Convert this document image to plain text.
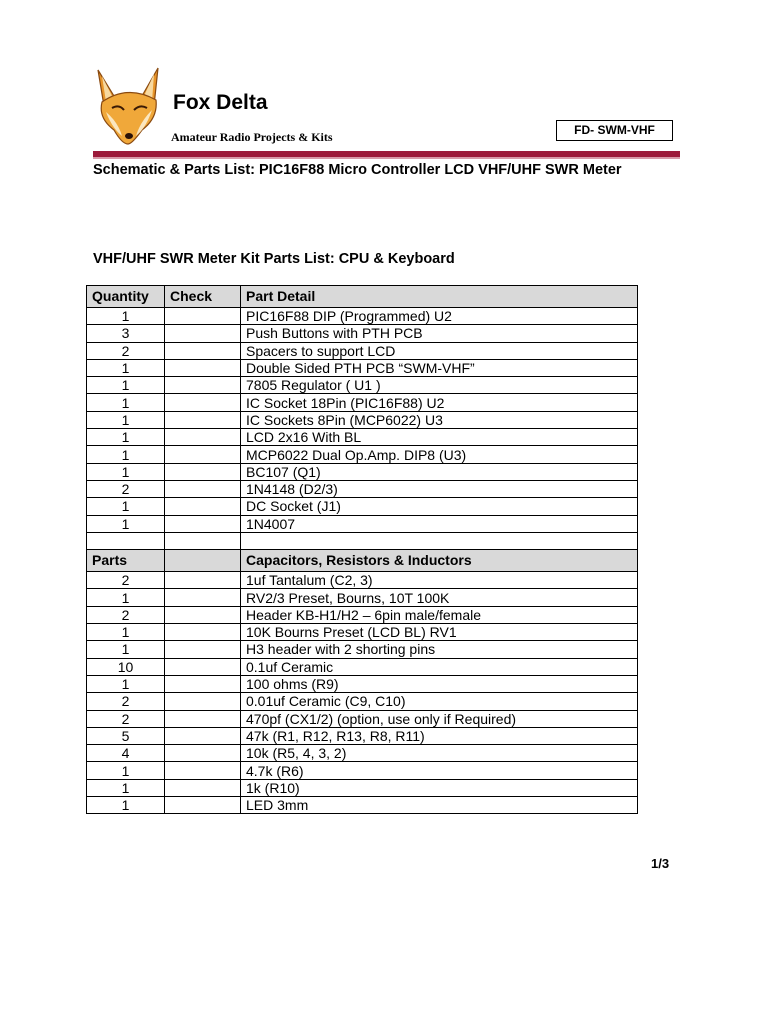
Fox Delta
Amateur Radio Projects & Kits	FD- SWM-VHF
Schematic & Parts List: PIC16F88 Micro Controller LCD VHF/UHF SWR Meter
VHF/UHF SWR Meter Kit Parts List: CPU & Keyboard
Quantity	Check	Part Detail
1		PIC16F88 DIP (Programmed) U2
3		Push Buttons with PTH PCB
2		Spacers to support LCD
1		Double Sided PTH PCB “SWM-VHF”
1		7805 Regulator ( U1 )
1		IC Socket 18Pin (PIC16F88) U2
1		IC Sockets 8Pin (MCP6022) U3
1		LCD 2x16 With BL
1		MCP6022 Dual Op.Amp. DIP8 (U3)
1		BC107 (Q1)
2		1N4148 (D2/3)
1		DC Socket (J1)
1		1N4007

Parts		Capacitors, Resistors & Inductors
2		1uf Tantalum (C2, 3)
1		RV2/3 Preset, Bourns, 10T 100K
2		Header KB-H1/H2 – 6pin male/female
1		10K Bourns Preset (LCD BL) RV1
1		H3 header with 2 shorting pins
10		0.1uf Ceramic
1		100 ohms (R9)
2		0.01uf Ceramic (C9, C10)
2		470pf (CX1/2) (option, use only if Required)
5		47k (R1, R12, R13, R8, R11)
4		10k (R5, 4, 3, 2)
1		4.7k (R6)
1		1k (R10)
1		LED 3mm
1/3
